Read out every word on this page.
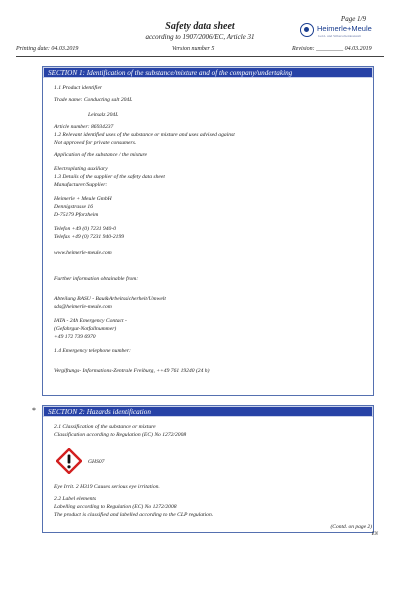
Page 1/9
Safety data sheet
according to 1907/2006/EC, Article 31
Heimerle+Meule
Gold- und Silberscheideanstalt
Printing date: 04.03.2019	Version number 5	Revision: _________ 04.03.2019
SECTION 1: Identification of the substance/mixture and of the company/undertaking
1.1 Product identifier
Trade name: Conducting salt 204L
Leitsalz 204L
Article number: 86934237
1.2 Relevant identified uses of the substance or mixture and uses advised against
Not approved for private consumers.
Application of the substance / the mixture
Electroplating auxiliary
1.3 Details of the supplier of the safety data sheet
Manufacturer/Supplier:
Heimerle + Meule GmbH
Dennigstrasse 16
D-75179 Pforzheim
Telefon +49 (0) 7231 940-0
Telefax +49 (0) 7231 940-2199
www.heimerle-meule.com
Further information obtainable from:
Abteilung BASU - Bau&Arbeitssicherheit/Umwelt
sds@heimerle-meule.com
IATA - 24h Emergency Contact -
(Gefahrgut-Notfallnummer)
+49 172 739 6970
1.4 Emergency telephone number:
Vergiftungs- Informations-Zentrale Freiburg, ++49 761 19240 (24 h)
*	SECTION 2: Hazards identification
2.1 Classification of the substance or mixture
Classification according to Regulation (EC) No 1272/2008
GHS07
Eye Irrit. 2 H319 Causes serious eye irritation.
2.2 Label elements
Labelling according to Regulation (EC) No 1272/2008
The product is classified and labelled according to the CLP regulation.
(Contd. on page 2)
EN
